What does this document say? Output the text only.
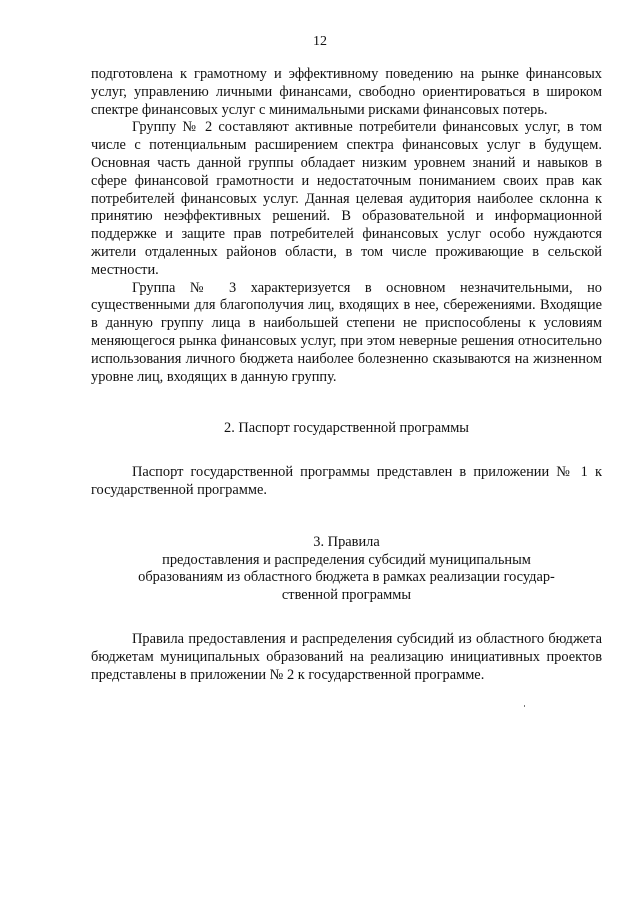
12

подготовлена к грамотному и эффективному поведению на рынке финансовых услуг, управлению личными финансами, свободно ориентироваться в широком спектре финансовых услуг с минимальными рисками финансовых потерь.

Группу № 2 составляют активные потребители финансовых услуг, в том числе с потенциальным расширением спектра финансовых услуг в будущем. Основная часть данной группы обладает низким уровнем знаний и навыков в сфере финансовой грамотности и недостаточным пониманием своих прав как потребителей финансовых услуг. Данная целевая аудитория наиболее склонна к принятию неэффективных решений. В образовательной и информационной поддержке и защите прав потребителей финансовых услуг особо нуждаются жители отдаленных районов области, в том числе проживающие в сельской местности.

Группа № 3 характеризуется в основном незначительными, но существенными для благополучия лиц, входящих в нее, сбережениями. Входящие в данную группу лица в наибольшей степени не приспособлены к условиям меняющегося рынка финансовых услуг, при этом неверные решения относительно использования личного бюджета наиболее болезненно сказываются на жизненном уровне лиц, входящих в данную группу.

2. Паспорт государственной программы

Паспорт государственной программы представлен в приложении № 1 к государственной программе.

3. Правила

предоставления и распределения субсидий муниципальным

образованиям из областного бюджета в рамках реализации государ-

ственной программы

Правила предоставления и распределения субсидий из областного бюджета бюджетам муниципальных образований на реализацию инициативных проектов представлены в приложении № 2 к государственной программе.
